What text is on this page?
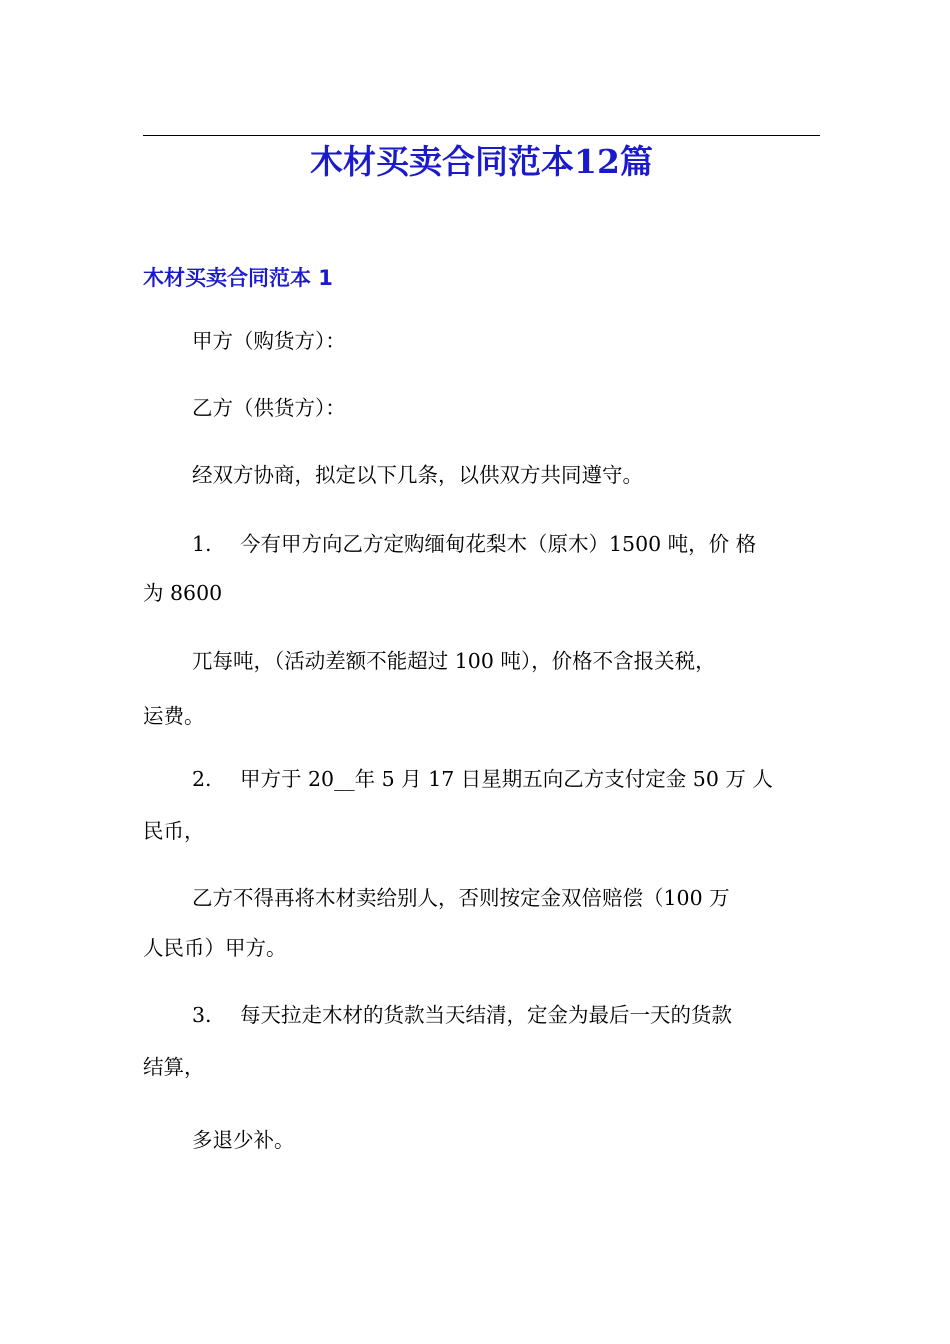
木材买卖合同范本12篇
木材买卖合同范本 1
甲方（购货方）：
乙方（供货方）：
经双方协商，拟定以下几条，以供双方共同遵守。
1. 今有甲方向乙方定购缅甸花梨木（原木）1500 吨，价 格
为 8600
兀每吨，（活动差额不能超过 100 吨），价格不含报关税，
运费。
2. 甲方于 20__年 5 月 17 日星期五向乙方支付定金 50 万 人
民币，
乙方不得再将木材卖给别人，否则按定金双倍赔偿（100 万
人民币）甲方。
3. 每天拉走木材的货款当天结清，定金为最后一天的货款
结算，
多退少补。
